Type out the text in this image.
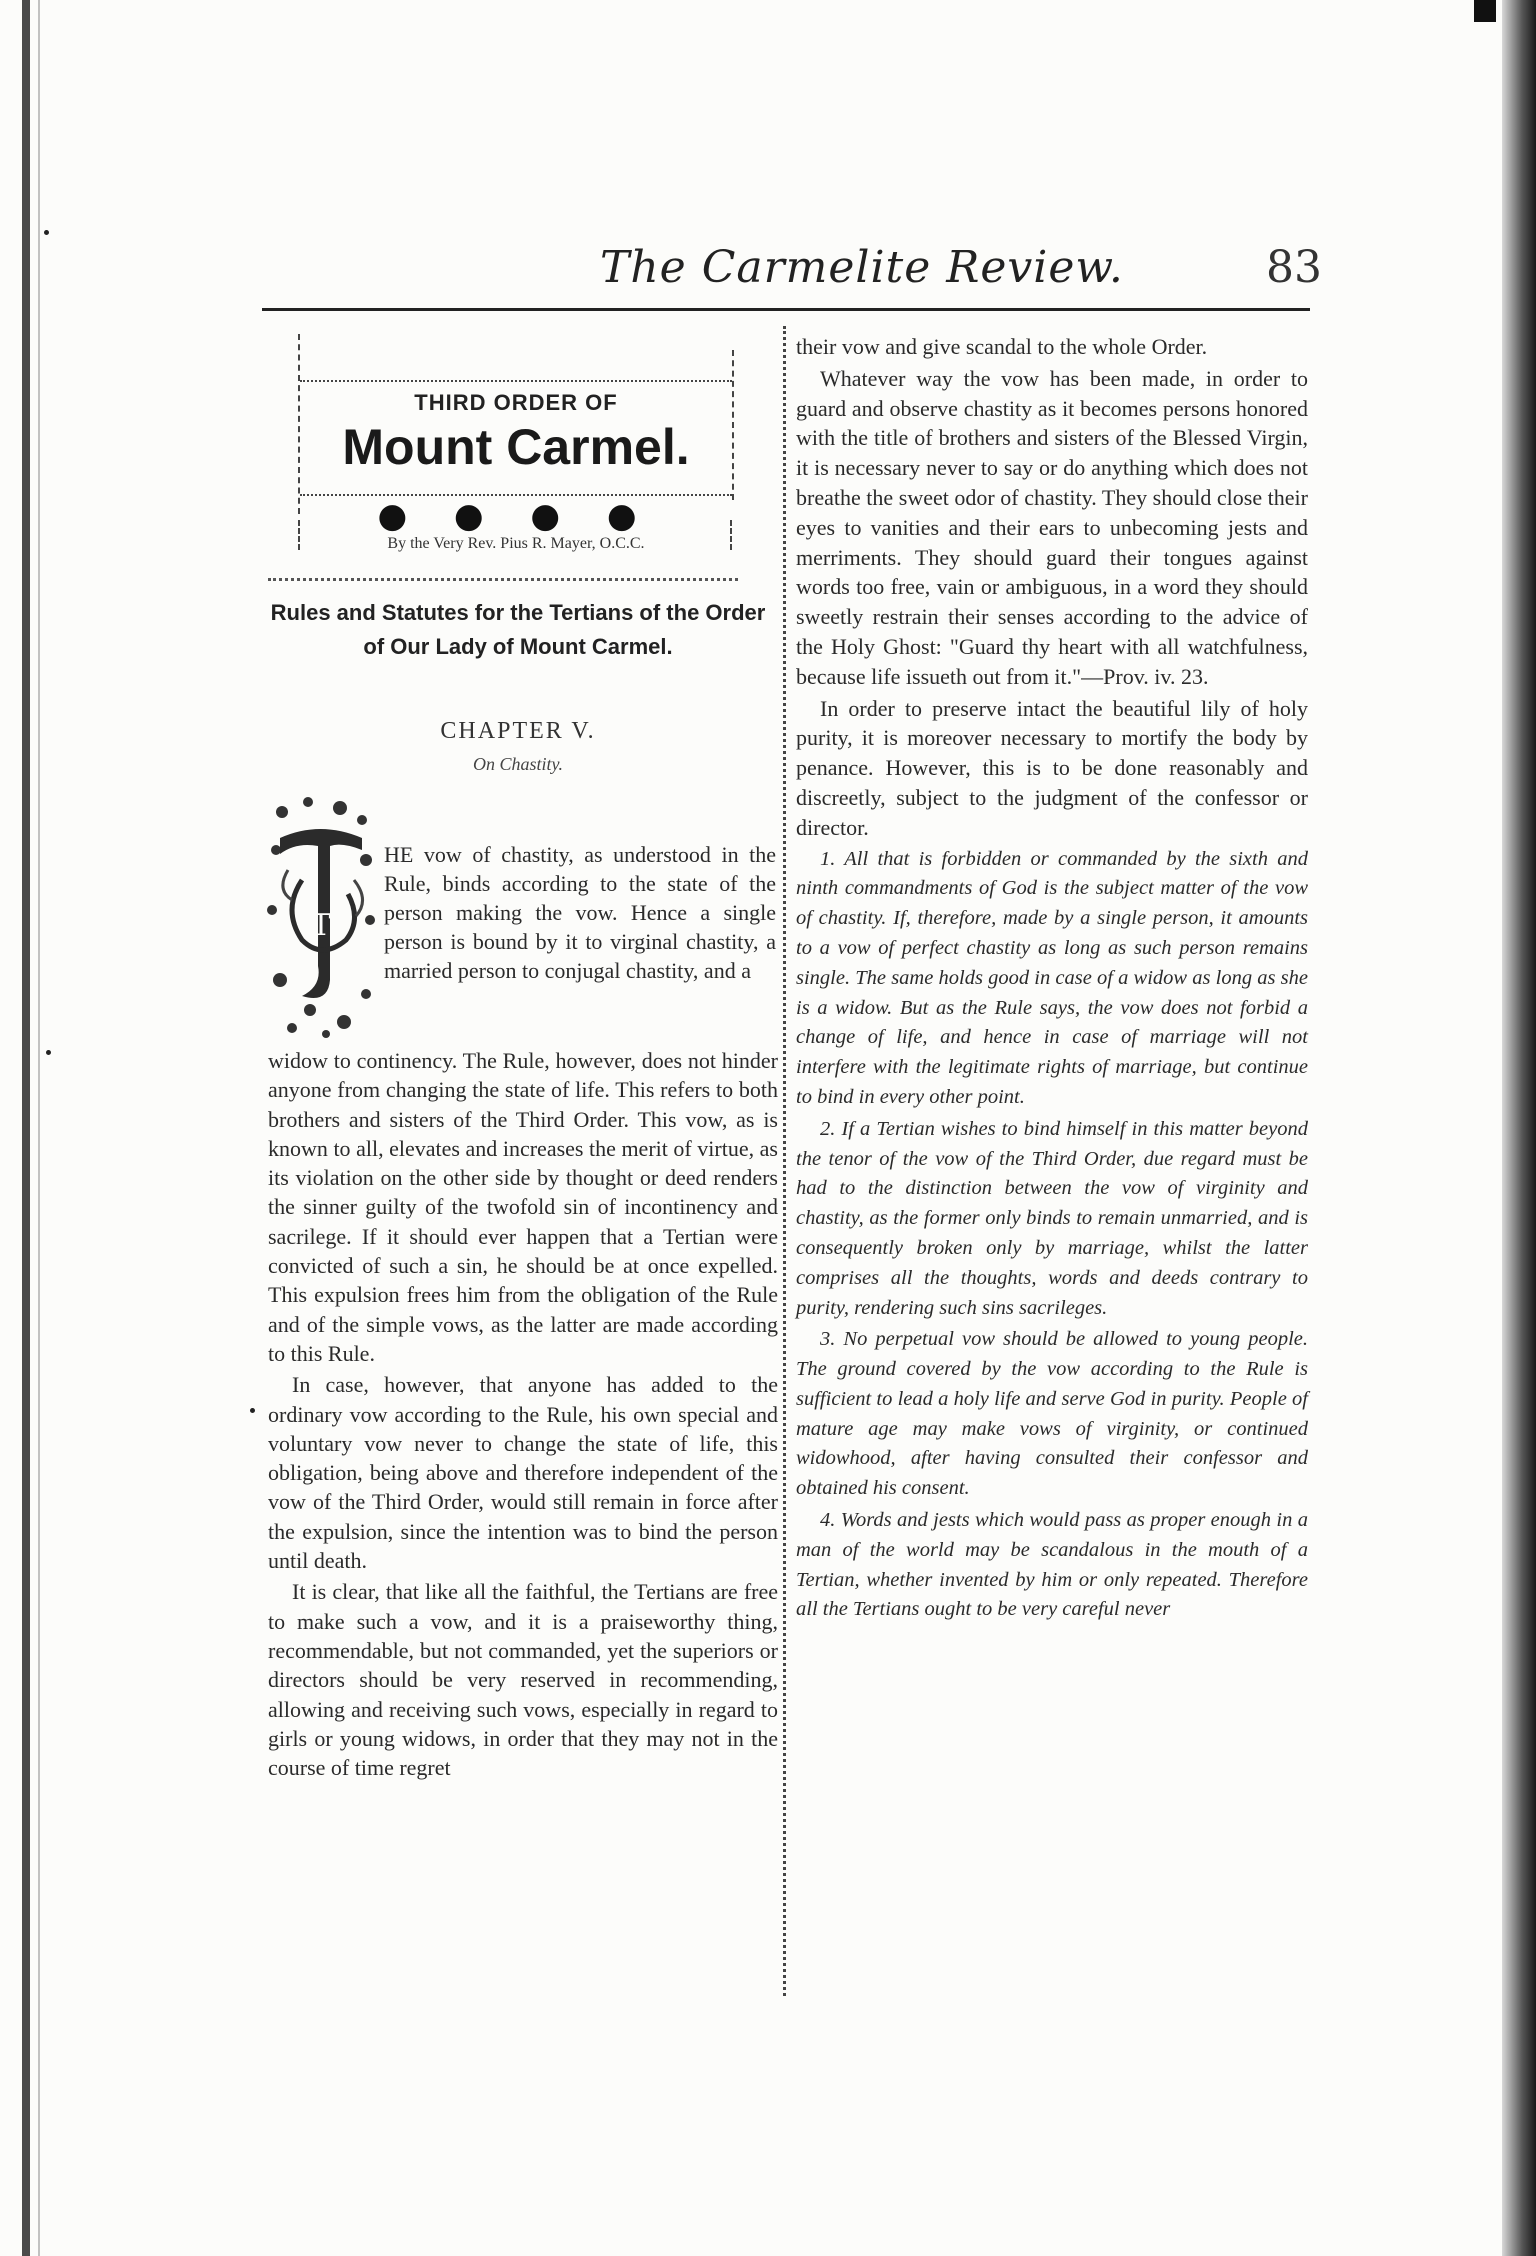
The Carmelite Review.	83
THIRD ORDER OF
Mount Carmel.
● ● ● ●
By the Very Rev. Pius R. Mayer, O.C.C.
Rules and Statutes for the Tertians of the Order of Our Lady of Mount Carmel.
CHAPTER V.
On Chastity.
T
HE vow of chastity, as understood in the Rule, binds according to the state of the person making the vow. Hence a single person is bound by it to virginal chastity, a married person to conjugal chastity, and a

widow to continency. The Rule, however, does not hinder anyone from changing the state of life. This refers to both brothers and sisters of the Third Order. This vow, as is known to all, elevates and increases the merit of virtue, as its violation on the other side by thought or deed renders the sinner guilty of the twofold sin of incontinency and sacrilege. If it should ever happen that a Tertian were convicted of such a sin, he should be at once expelled. This expulsion frees him from the obligation of the Rule and of the simple vows, as the latter are made according to this Rule.

In case, however, that anyone has added to the ordinary vow according to the Rule, his own special and voluntary vow never to change the state of life, this obligation, being above and therefore independent of the vow of the Third Order, would still remain in force after the expulsion, since the intention was to bind the person until death.

It is clear, that like all the faithful, the Tertians are free to make such a vow, and it is a praiseworthy thing, recommendable, but not commanded, yet the superiors or directors should be very reserved in recommending, allowing and receiving such vows, especially in regard to girls or young widows, in order that they may not in the course of time regret

their vow and give scandal to the whole Order.

Whatever way the vow has been made, in order to guard and observe chastity as it becomes persons honored with the title of brothers and sisters of the Blessed Virgin, it is necessary never to say or do anything which does not breathe the sweet odor of chastity. They should close their eyes to vanities and their ears to unbecoming jests and merriments. They should guard their tongues against words too free, vain or ambiguous, in a word they should sweetly restrain their senses according to the advice of the Holy Ghost: "Guard thy heart with all watchfulness, because life issueth out from it."—Prov. iv. 23.

In order to preserve intact the beautiful lily of holy purity, it is moreover necessary to mortify the body by penance. However, this is to be done reasonably and discreetly, subject to the judgment of the confessor or director.

1. All that is forbidden or commanded by the sixth and ninth commandments of God is the subject matter of the vow of chastity. If, therefore, made by a single person, it amounts to a vow of perfect chastity as long as such person remains single. The same holds good in case of a widow as long as she is a widow. But as the Rule says, the vow does not forbid a change of life, and hence in case of marriage will not interfere with the legitimate rights of marriage, but continue to bind in every other point.

2. If a Tertian wishes to bind himself in this matter beyond the tenor of the vow of the Third Order, due regard must be had to the distinction between the vow of virginity and chastity, as the former only binds to remain unmarried, and is consequently broken only by marriage, whilst the latter comprises all the thoughts, words and deeds contrary to purity, rendering such sins sacrileges.

3. No perpetual vow should be allowed to young people. The ground covered by the vow according to the Rule is sufficient to lead a holy life and serve God in purity. People of mature age may make vows of virginity, or continued widowhood, after having consulted their confessor and obtained his consent.

4. Words and jests which would pass as proper enough in a man of the world may be scandalous in the mouth of a Tertian, whether invented by him or only repeated. Therefore all the Tertians ought to be very careful never
